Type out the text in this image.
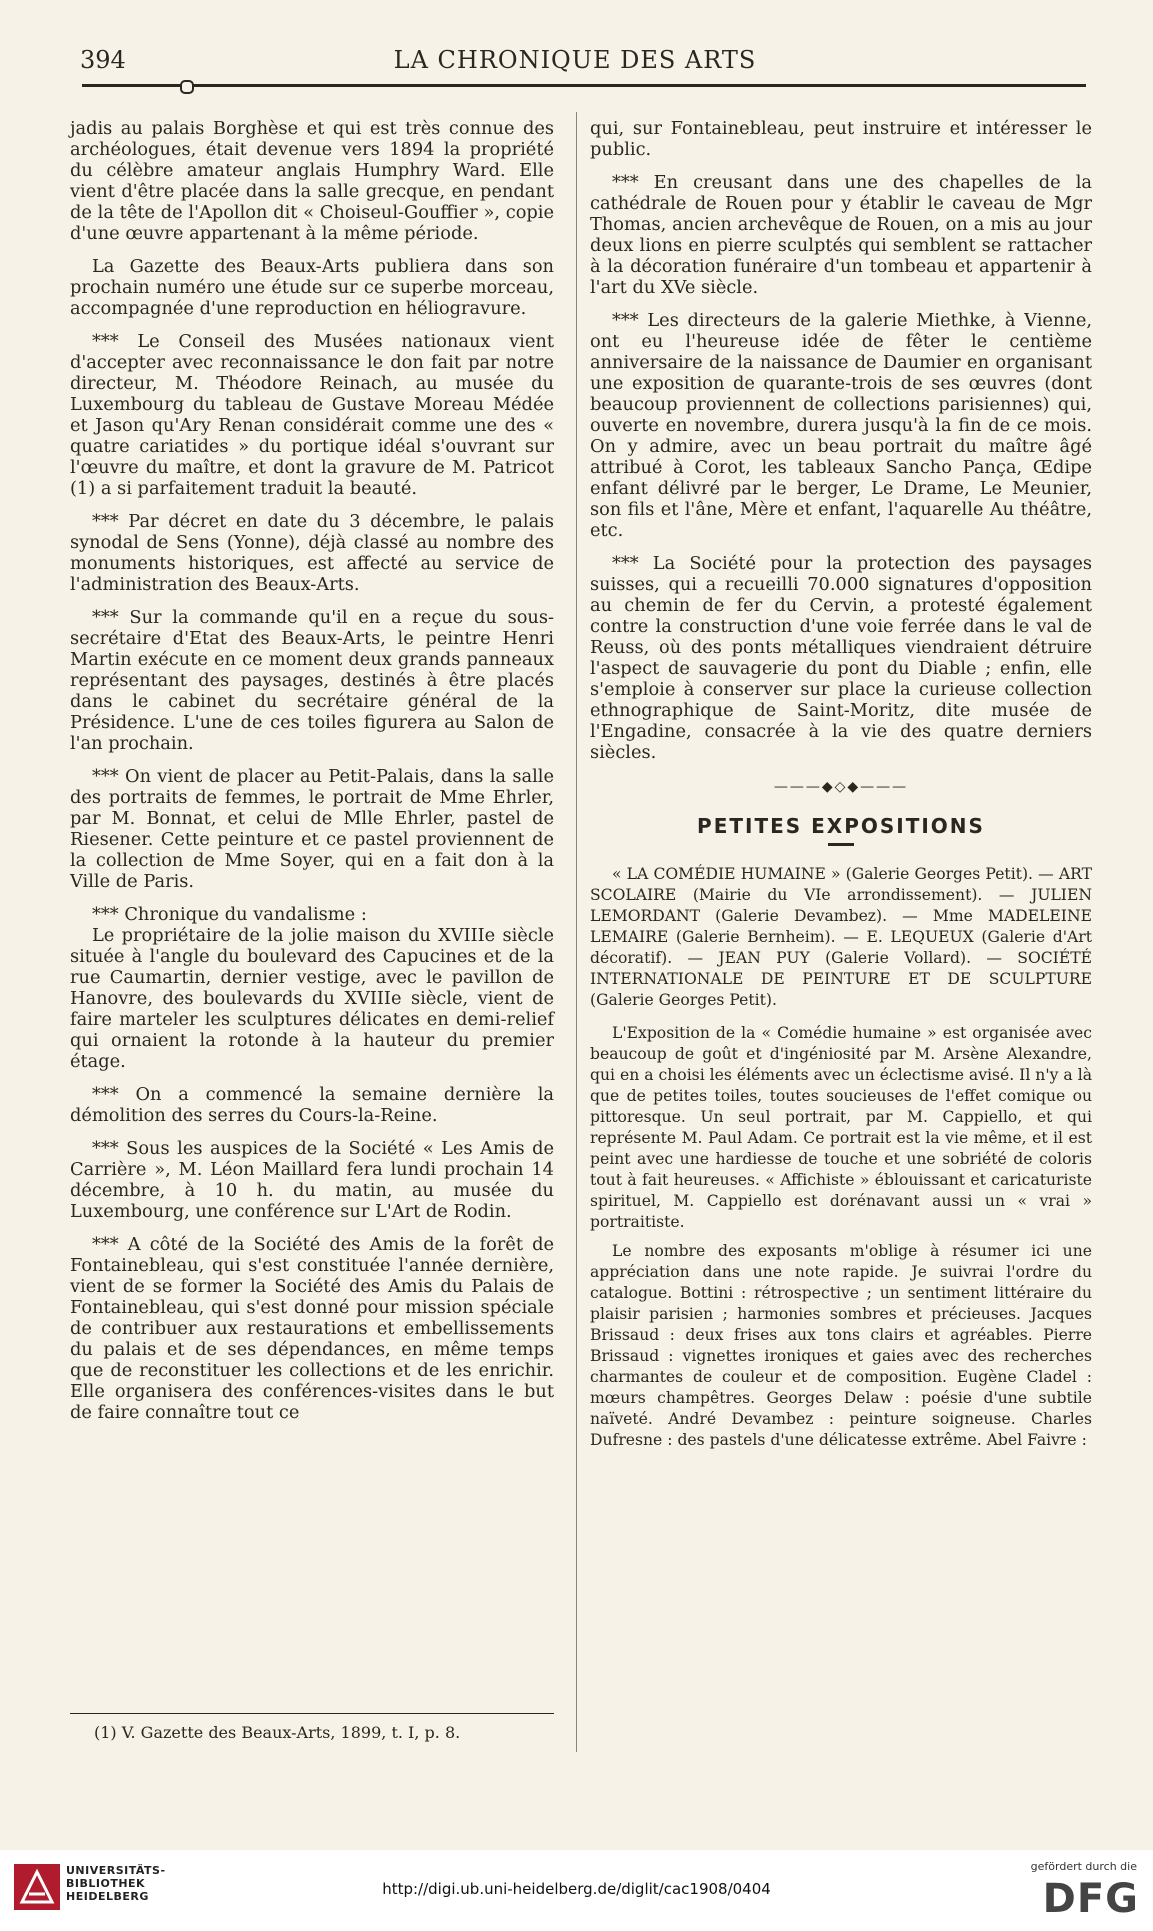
394	LA CHRONIQUE DES ARTS

jadis au palais Borghèse et qui est très connue des archéologues, était devenue vers 1894 la propriété du célèbre amateur anglais Humphry Ward. Elle vient d'être placée dans la salle grecque, en pendant de la tête de l'Apollon dit « Choiseul-Gouffier », copie d'une œuvre appartenant à la même période.

La Gazette des Beaux-Arts publiera dans son prochain numéro une étude sur ce superbe morceau, accompagnée d'une reproduction en héliogravure.

*** Le Conseil des Musées nationaux vient d'accepter avec reconnaissance le don fait par notre directeur, M. Théodore Reinach, au musée du Luxembourg du tableau de Gustave Moreau Médée et Jason qu'Ary Renan considérait comme une des « quatre cariatides » du portique idéal s'ouvrant sur l'œuvre du maître, et dont la gravure de M. Patricot (1) a si parfaitement traduit la beauté.

*** Par décret en date du 3 décembre, le palais synodal de Sens (Yonne), déjà classé au nombre des monuments historiques, est affecté au service de l'administration des Beaux-Arts.

*** Sur la commande qu'il en a reçue du sous-secrétaire d'Etat des Beaux-Arts, le peintre Henri Martin exécute en ce moment deux grands panneaux représentant des paysages, destinés à être placés dans le cabinet du secrétaire général de la Présidence. L'une de ces toiles figurera au Salon de l'an prochain.

*** On vient de placer au Petit-Palais, dans la salle des portraits de femmes, le portrait de Mme Ehrler, par M. Bonnat, et celui de Mlle Ehrler, pastel de Riesener. Cette peinture et ce pastel proviennent de la collection de Mme Soyer, qui en a fait don à la Ville de Paris.

*** Chronique du vandalisme :

Le propriétaire de la jolie maison du XVIIIe siècle située à l'angle du boulevard des Capucines et de la rue Caumartin, dernier vestige, avec le pavillon de Hanovre, des boulevards du XVIIIe siècle, vient de faire marteler les sculptures délicates en demi-relief qui ornaient la rotonde à la hauteur du premier étage.

*** On a commencé la semaine dernière la démolition des serres du Cours-la-Reine.

*** Sous les auspices de la Société « Les Amis de Carrière », M. Léon Maillard fera lundi prochain 14 décembre, à 10 h. du matin, au musée du Luxembourg, une conférence sur L'Art de Rodin.

*** A côté de la Société des Amis de la forêt de Fontainebleau, qui s'est constituée l'année dernière, vient de se former la Société des Amis du Palais de Fontainebleau, qui s'est donné pour mission spéciale de contribuer aux restaurations et embellissements du palais et de ses dépendances, en même temps que de reconstituer les collections et de les enrichir. Elle organisera des conférences-visites dans le but de faire connaître tout ce

qui, sur Fontainebleau, peut instruire et intéresser le public.

*** En creusant dans une des chapelles de la cathédrale de Rouen pour y établir le caveau de Mgr Thomas, ancien archevêque de Rouen, on a mis au jour deux lions en pierre sculptés qui semblent se rattacher à la décoration funéraire d'un tombeau et appartenir à l'art du XVe siècle.

*** Les directeurs de la galerie Miethke, à Vienne, ont eu l'heureuse idée de fêter le centième anniversaire de la naissance de Daumier en organisant une exposition de quarante-trois de ses œuvres (dont beaucoup proviennent de collections parisiennes) qui, ouverte en novembre, durera jusqu'à la fin de ce mois. On y admire, avec un beau portrait du maître âgé attribué à Corot, les tableaux Sancho Pança, Œdipe enfant délivré par le berger, Le Drame, Le Meunier, son fils et l'âne, Mère et enfant, l'aquarelle Au théâtre, etc.

*** La Société pour la protection des paysages suisses, qui a recueilli 70.000 signatures d'opposition au chemin de fer du Cervin, a protesté également contre la construction d'une voie ferrée dans le val de Reuss, où des ponts métalliques viendraient détruire l'aspect de sauvagerie du pont du Diable ; enfin, elle s'emploie à conserver sur place la curieuse collection ethnographique de Saint-Moritz, dite musée de l'Engadine, consacrée à la vie des quatre derniers siècles.

———◆◇◆———
PETITES EXPOSITIONS

« LA COMÉDIE HUMAINE » (Galerie Georges Petit). — ART SCOLAIRE (Mairie du VIe arrondissement). — JULIEN LEMORDANT (Galerie Devambez). — Mme MADELEINE LEMAIRE (Galerie Bernheim). — E. LEQUEUX (Galerie d'Art décoratif). — JEAN PUY (Galerie Vollard). — SOCIÉTÉ INTERNATIONALE DE PEINTURE ET DE SCULPTURE (Galerie Georges Petit).

L'Exposition de la « Comédie humaine » est organisée avec beaucoup de goût et d'ingéniosité par M. Arsène Alexandre, qui en a choisi les éléments avec un éclectisme avisé. Il n'y a là que de petites toiles, toutes soucieuses de l'effet comique ou pittoresque. Un seul portrait, par M. Cappiello, et qui représente M. Paul Adam. Ce portrait est la vie même, et il est peint avec une hardiesse de touche et une sobriété de coloris tout à fait heureuses. « Affichiste » éblouissant et caricaturiste spirituel, M. Cappiello est dorénavant aussi un « vrai » portraitiste.

Le nombre des exposants m'oblige à résumer ici une appréciation dans une note rapide. Je suivrai l'ordre du catalogue. Bottini : rétrospective ; un sentiment littéraire du plaisir parisien ; harmonies sombres et précieuses. Jacques Brissaud : deux frises aux tons clairs et agréables. Pierre Brissaud : vignettes ironiques et gaies avec des recherches charmantes de couleur et de composition. Eugène Cladel : mœurs champêtres. Georges Delaw : poésie d'une subtile naïveté. André Devambez : peinture soigneuse. Charles Dufresne : des pastels d'une délicatesse extrême. Abel Faivre :

(1) V. Gazette des Beaux-Arts, 1899, t. I, p. 8.
UNIVERSITÄTS-
BIBLIOTHEK
HEIDELBERG	http://digi.ub.uni-heidelberg.de/diglit/cac1908/0404
gefördert durch die
DFG
